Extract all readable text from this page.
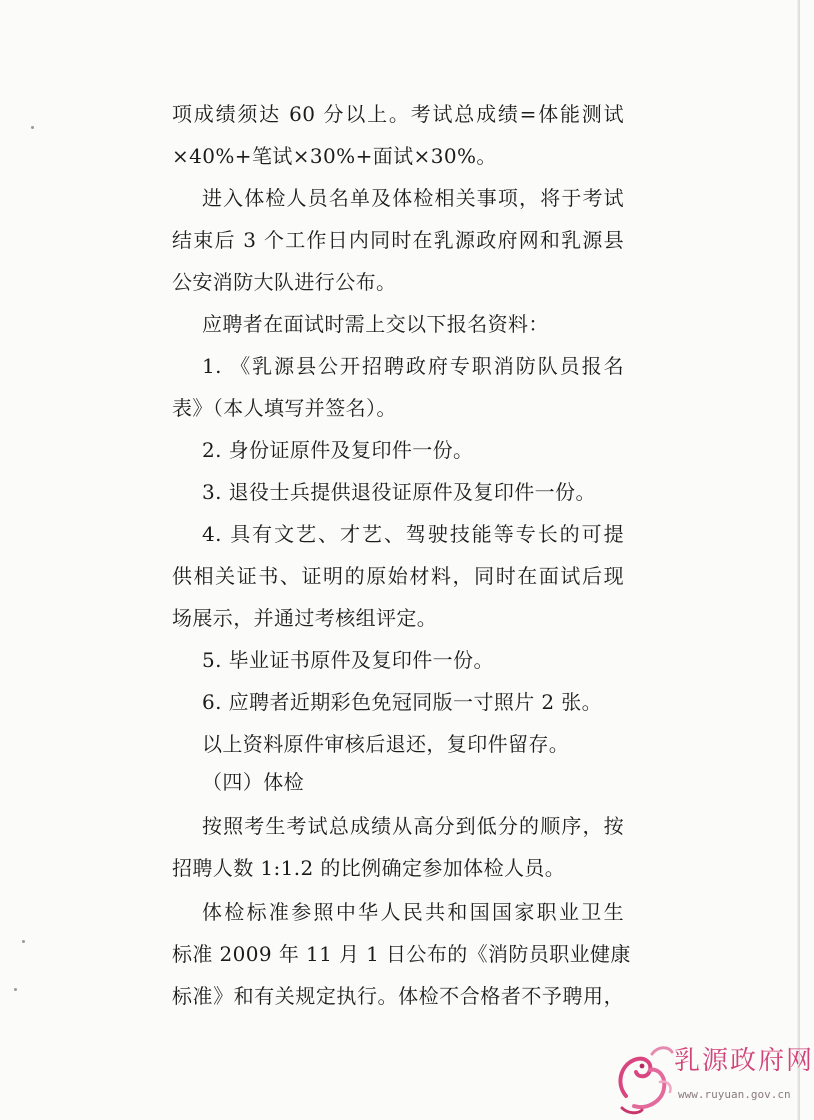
项成绩须达 60 分以上。考试总成绩=体能测试
×40%+笔试×30%+面试×30%。
进入体检人员名单及体检相关事项，将于考试
结束后 3 个工作日内同时在乳源政府网和乳源县
公安消防大队进行公布。
应聘者在面试时需上交以下报名资料：
1. 《乳源县公开招聘政府专职消防队员报名
表》（本人填写并签名）。
2. 身份证原件及复印件一份。
3. 退役士兵提供退役证原件及复印件一份。
4. 具有文艺、才艺、驾驶技能等专长的可提
供相关证书、证明的原始材料，同时在面试后现
场展示，并通过考核组评定。
5. 毕业证书原件及复印件一份。
6. 应聘者近期彩色免冠同版一寸照片 2 张。
以上资料原件审核后退还，复印件留存。
（四）体检
按照考生考试总成绩从高分到低分的顺序，按
招聘人数 1:1.2 的比例确定参加体检人员。
体检标准参照中华人民共和国国家职业卫生
标准 2009 年 11 月 1 日公布的《消防员职业健康
标准》和有关规定执行。体检不合格者不予聘用，
乳源政府网
www.ruyuan.gov.cn
